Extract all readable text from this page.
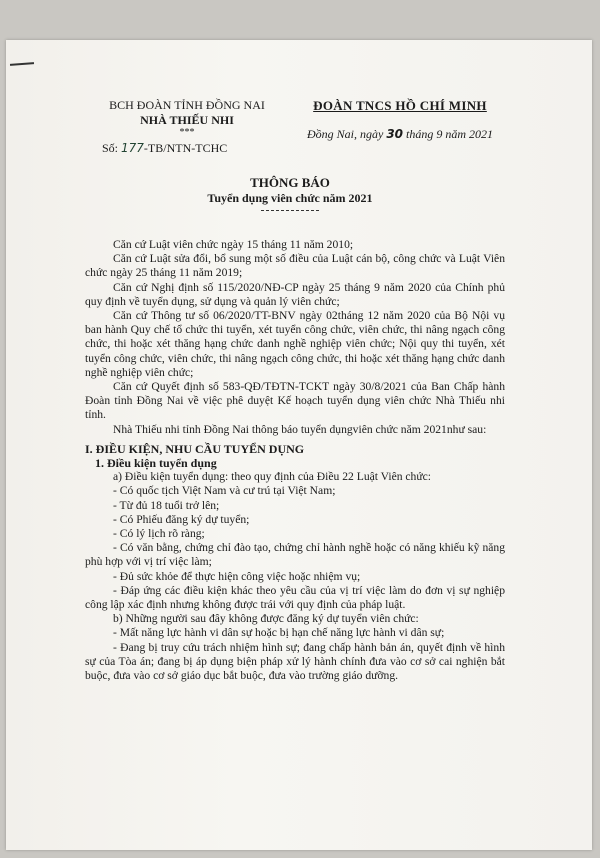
BCH ĐOÀN TỈNH ĐỒNG NAI
NHÀ THIẾU NHI
***
Số: 177-TB/NTN-TCHC
ĐOÀN TNCS HỒ CHÍ MINH
Đồng Nai, ngày 30 tháng 9 năm 2021
THÔNG BÁO
Tuyển dụng viên chức năm 2021

Căn cứ Luật viên chức ngày 15 tháng 11 năm 2010;

Căn cứ Luật sửa đổi, bổ sung một số điều của Luật cán bộ, công chức và Luật Viên chức ngày 25 tháng 11 năm 2019;

Căn cứ Nghị định số 115/2020/NĐ-CP ngày 25 tháng 9 năm 2020 của Chính phủ quy định về tuyển dụng, sử dụng và quản lý viên chức;

Căn cứ Thông tư số 06/2020/TT-BNV ngày 02tháng 12 năm 2020 của Bộ Nội vụ ban hành Quy chế tổ chức thi tuyển, xét tuyển công chức, viên chức, thi nâng ngạch công chức, thi hoặc xét thăng hạng chức danh nghề nghiệp viên chức; Nội quy thi tuyển, xét tuyển công chức, viên chức, thi nâng ngạch công chức, thi hoặc xét thăng hạng chức danh nghề nghiệp viên chức;

Căn cứ Quyết định số 583-QĐ/TĐTN-TCKT ngày 30/8/2021 của Ban Chấp hành Đoàn tỉnh Đồng Nai về việc phê duyệt Kế hoạch tuyển dụng viên chức Nhà Thiếu nhi tỉnh.

Nhà Thiếu nhi tỉnh Đồng Nai thông báo tuyển dụngviên chức năm 2021như sau:

I. ĐIỀU KIỆN, NHU CẦU TUYỂN DỤNG

1. Điều kiện tuyển dụng

a) Điều kiện tuyển dụng: theo quy định của Điều 22 Luật Viên chức:

- Có quốc tịch Việt Nam và cư trú tại Việt Nam;

- Từ đủ 18 tuổi trở lên;

- Có Phiếu đăng ký dự tuyển;

- Có lý lịch rõ ràng;

- Có văn bằng, chứng chỉ đào tạo, chứng chỉ hành nghề hoặc có năng khiếu kỹ năng phù hợp với vị trí việc làm;

- Đủ sức khỏe để thực hiện công việc hoặc nhiệm vụ;

- Đáp ứng các điều kiện khác theo yêu cầu của vị trí việc làm do đơn vị sự nghiệp công lập xác định nhưng không được trái với quy định của pháp luật.

b) Những người sau đây không được đăng ký dự tuyển viên chức:

- Mất năng lực hành vi dân sự hoặc bị hạn chế năng lực hành vi dân sự;

- Đang bị truy cứu trách nhiệm hình sự; đang chấp hành bản án, quyết định về hình sự của Tòa án; đang bị áp dụng biện pháp xử lý hành chính đưa vào cơ sở cai nghiện bắt buộc, đưa vào cơ sở giáo dục bắt buộc, đưa vào trường giáo dưỡng.
